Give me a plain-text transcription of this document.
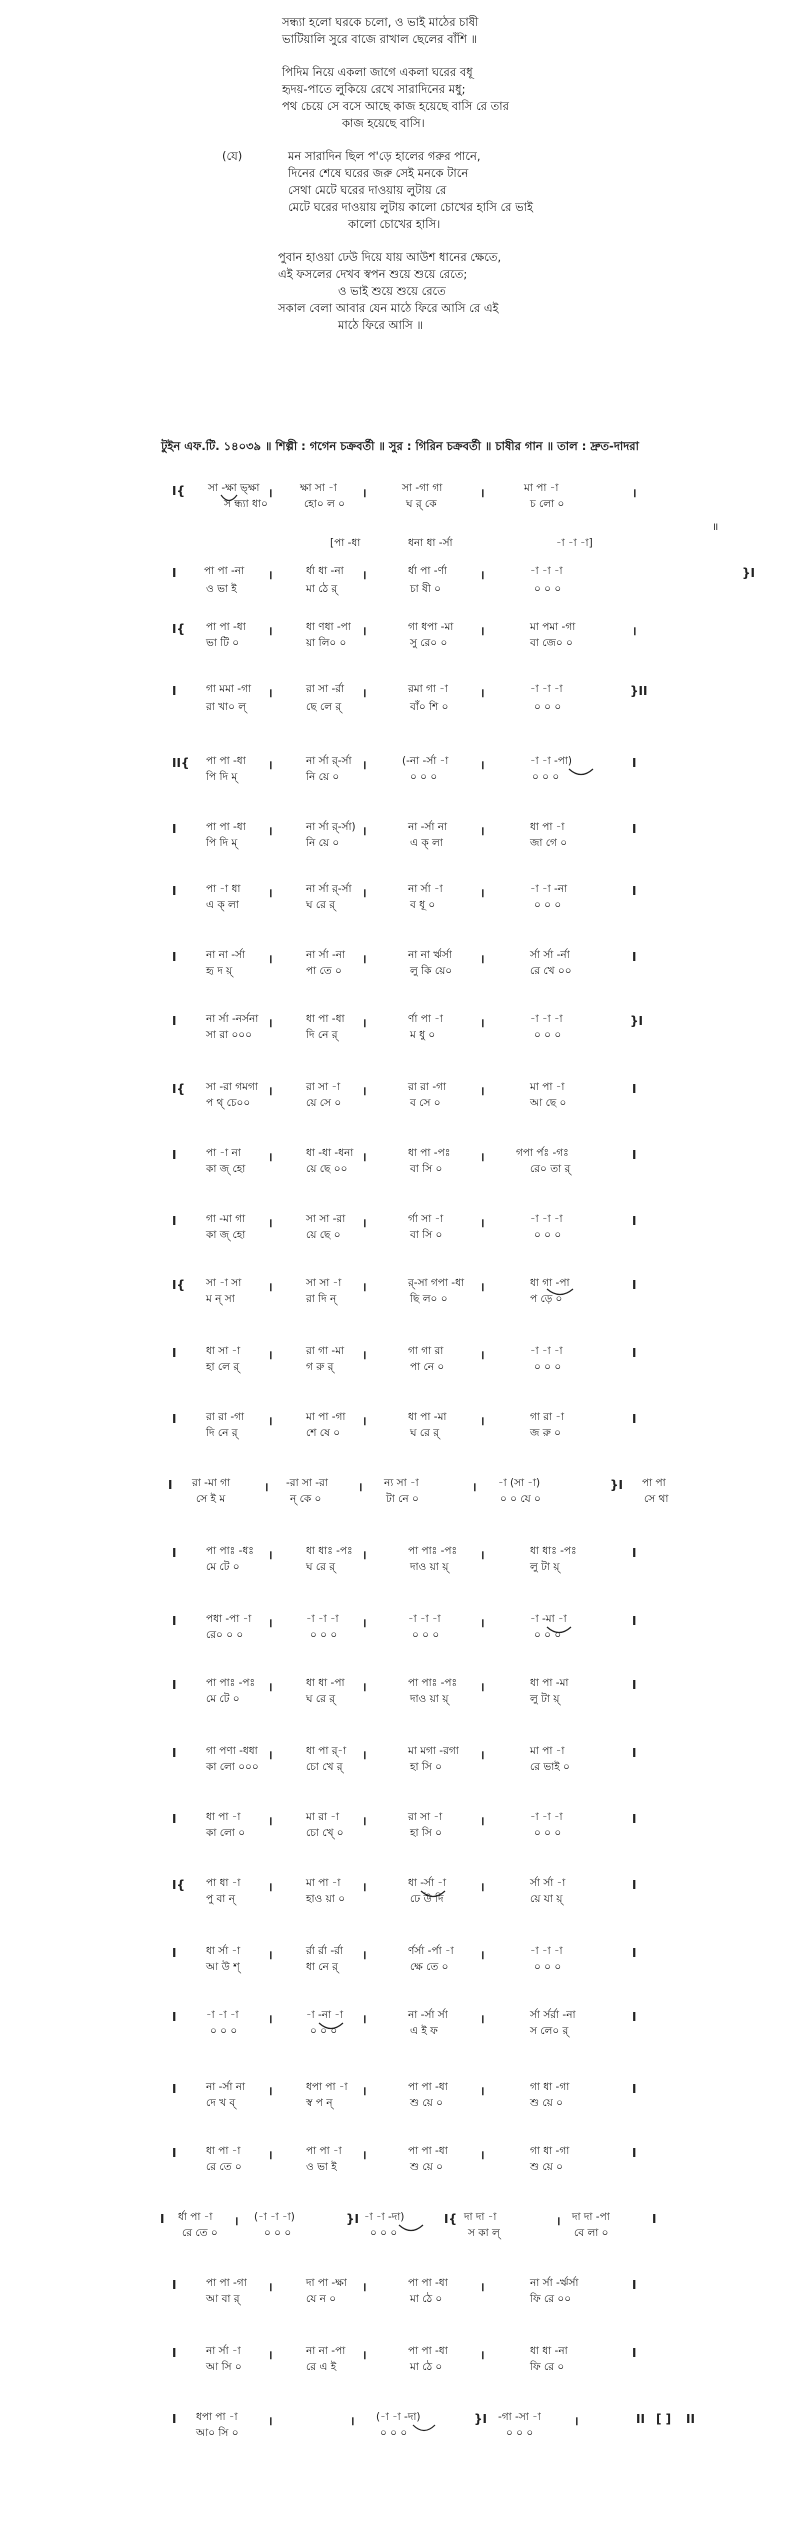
সন্ধ্যা হলো ঘরকে চলো, ও ভাই মাঠের চাষী
ভাটিয়ালি সুরে বাজে রাখাল ছেলের বাঁশি ॥
পিদিম নিয়ে একলা জাগে একলা ঘরের বধূ
হৃদয়-পাতে লুকিয়ে রেখে সারাদিনের মধু;
পথ চেয়ে সে বসে আছে কাজ হয়েছে বাসি রে তার
কাজ হয়েছে বাসি।
(যে)	মন সারাদিন ছিল প'ড়ে হালের গরুর পানে,
দিনের শেষে ঘরের জরু সেই মনকে টানে
সেথা মেটে ঘরের দাওয়ায় লুটায় রে
মেটে ঘরের দাওয়ায় লুটায় কালো চোখের হাসি রে ভাই
কালো চোখের হাসি।
পুবান হাওয়া ঢেউ দিয়ে যায় আউশ ধানের ক্ষেতে,
এই ফসলের দেখব স্বপন শুয়ে শুয়ে রেতে;
ও ভাই শুয়ে শুয়ে রেতে
সকাল বেলা আবার যেন মাঠে ফিরে আসি রে এই
মাঠে ফিরে আসি ॥
টুইন এফ.টি. ১৪০৩৯ ॥ শিল্পী : গগেন চক্রবর্তী ॥ সুর : গিরিন চক্রবর্তী ॥ চাষীর গান ॥ তাল : দ্রুত-দাদরা
I{	।	।	।	।
সা -ক্ষা ভ্ক্ষা	ক্ষা সা -া	সা -গা গা	মা পা -া
স ন্ধ্যা ধা০	হো০ ল ০	ঘ র্ কে	চ লো ০
I	।	।	।	}I
[পা -ধা	ধনা ধা -র্সা	-া -া -া]
॥
পা পা -না	র্ধা ধা -না	র্ধা পা -র্ণা	-া -া -া
ও ভা ই	মা ঠে র্	চা ষী ০	০ ০ ০
I{	।	।	।	।
পা পা -ধা	ধা ণধা -পা	গা ধপা -মা	মা পমা -গা
ভা টি ০	য়া লি০ ০	সু রে০ ০	বা জে০ ০
I	।	।	।	}II
গা মমা -গা	রা সা -র্রা	রমা গা -া	-া -া -া
রা খা০ ল্	ছে লে র্	বাঁ০ শি ০	০ ০ ০
II{	।	।	।	I
পা পা -ধা	না র্সা র্-র্সা	(-না -র্সা -া	-া -া -পা)
পি দি ম্	নি য়ে ০	০ ০ ০	০ ০ ০
I	।	।	।	I
পা পা -ধা	না র্সা র্-র্সা)	না -র্সা না	ধা পা -া
পি দি ম্	নি য়ে ০	এ ক্ লা	জা গে ০
I	।	।	।	I
পা -া ধা	না র্সা র্-র্সা	না র্সা -া	-া -া -না
এ ক্ লা	ঘ রে র্	ব ধূ ০	০ ০ ০
I	।	।	।	I
না না -র্সা	না র্সা -না	না না র্ঋর্সা	র্সা র্সা -র্না
হৃ দ য়্	পা তে ০	লু কি য়ে০	রে খে ০০
I	।	।	।	}I
না র্সা -নর্সনা	ধা পা -ধা	র্ণা পা -া	-া -া -া
সা রা ০০০	দি নে র্	ম ধু ০	০ ০ ০
I{	।	।	।	I
সা -রা গমগা	রা সা -া	রা রা -গা	মা পা -া
প থ্ চে০০	য়ে সে ০	ব সে ০	আ ছে ০
I	।	।	।	I
পা -া না	ধা -ধা -ধনা	ধা পা -পঃ	গপা র্পঃ -গঃ
কা জ্ হো	য়ে ছে ০০	বা সি ০	রে০ তা র্
I	।	।	।	I
গা -মা গা	সা সা -রা	র্গা সা -া	-া -া -া
কা জ্ হো	য়ে ছে ০	বা সি ০	০ ০ ০
I{	।	।	।	I
সা -া সা	সা সা -া	র্-সা গপা -ধা	ধা গা -পা
ম ন্ সা	রা দি ন্	ছি ল০ ০	প ড়ে ০
I	।	।	।	I
ধা সা -া	রা গা -মা	গা গা রা	-া -া -া
হা লে র্	গ রু র্	পা নে ০	০ ০ ০
I	।	।	।	I
রা রা -গা	মা পা -গা	ধা পা -মা	গা রা -া
দি নে র্	শে ষে ০	ঘ রে র্	জ রু ০
I	।	।	।	}I
রা -মা গা	-রা সা -রা	ন্য সা -া	-া (সা -া)	পা পা
সে ই ম	ন্ কে ০	টা নে ০	০ ০ যে ০	সে থা
I	।	।	।	I
পা পাঃ -ধঃ	ধা ধাঃ -পঃ	পা পাঃ -পঃ	ধা ধাঃ -পঃ
মে টে ০	ঘ রে র্	দাও য়া য়্	লু টা য়্
I	।	।	।	I
পধা -পা -া	-া -া -া	-া -া -া	-া -মা -া
রে০ ০ ০	০ ০ ০	০ ০ ০	০ ০ ০
I	।	।	।	I
পা পাঃ -পঃ	ধা ধা -পা	পা পাঃ -পঃ	ধা পা -মা
মে টে ০	ঘ রে র্	দাও য়া য়্	লু টা য়্
I	।	।	।	I
গা পণা -ধধা	ধা পা র্-া	মা মগা -রগা	মা পা -া
কা লো ০০০	চো খে র্	হা সি ০	রে ভাই ০
I	।	।	।	I
ধা পা -া	মা রা -া	রা সা -া	-া -া -া
কা লো ০	চো খে্ ০	হা সি ০	০ ০ ০
I{	।	।	।	I
পা ধা -া	মা পা -া	ধা -র্সা -া	র্সা র্সা -া
পু বা ন্	হাও য়া ০	ঢে উ দি	য়ে যা য়্
I	।	।	।	I
ধা র্সা -া	র্রা র্রা -র্রা	র্ণর্সা -র্পা -া	-া -া -া
আ উ শ্	ধা নে র্	ক্ষে তে ০	০ ০ ০
I	।	।	।	I
-া -া -া	-া -না -া	না -র্সা র্সা	র্সা র্সর্রা -না
০ ০ ০	০ ০ ০	এ ই ফ	স লে০ র্
I	।	।	।	I
না -র্সা না	ধপা পা -া	পা পা -ধা	গা ধা -গা
দে খ ব্	স্ব প ন্	শু য়ে ০	শু য়ে ০
I	।	।	।	I
ধা পা -া	পা পা -া	পা পা -ধা	গা ধা -গা
রে তে ০	ও ভা ই	শু য়ে ০	শু য়ে ০
I	।	}I	I{	।	I
র্ধা পা -া	(-া -া -া)	-া -া -দা)	দা দা -া	দা দা -পা
রে তে ০	০ ০ ০	০ ০ ০	স কা ল্	বে লা ০
I	।	।	।	I
পা পা -গা	দা পা -ক্ষা	পা পা -ধা	না র্সা -র্ঋর্সা
আ বা র্	যে ন ০	মা ঠে ০	ফি রে ০০
I	।	।	।	I
না র্সা -া	না না -পা	পা পা -ধা	ধা ধা -না
আ সি ০	রে এ ই	মা ঠে ০	ফি রে ০
I	।	।	}I	।	II [ ] II
ধপা পা -া	(-া -া -দা)	-গা -সা -া
আ০ সি ০	০ ০ ০	০ ০ ০
